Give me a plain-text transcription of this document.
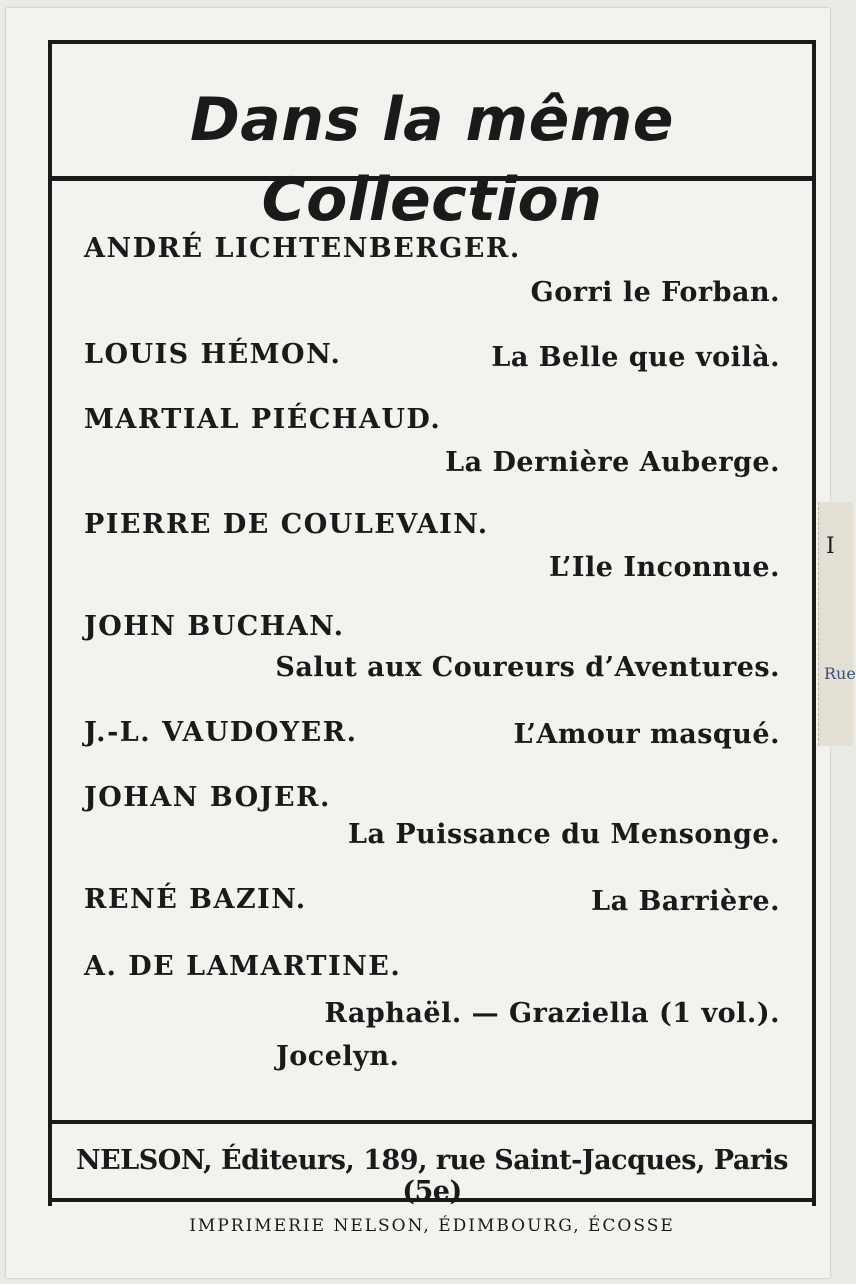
Dans la même Collection
ANDRÉ LICHTENBERGER.
Gorri le Forban.
LOUIS HÉMON.	La Belle que voilà.
MARTIAL PIÉCHAUD.
La Dernière Auberge.
PIERRE DE COULEVAIN.
L’Ile Inconnue.
JOHN BUCHAN.
Salut aux Coureurs d’Aventures.
J.-L. VAUDOYER.	L’Amour masqué.
JOHAN BOJER.
La Puissance du Mensonge.
RENÉ BAZIN.	La Barrière.
A. DE LAMARTINE.
Raphaël. — Graziella (1 vol.).
Jocelyn.
NELSON, Éditeurs, 189, rue Saint-Jacques, Paris (5e)
IMPRIMERIE NELSON, ÉDIMBOURG, ÉCOSSE
I
Rue
